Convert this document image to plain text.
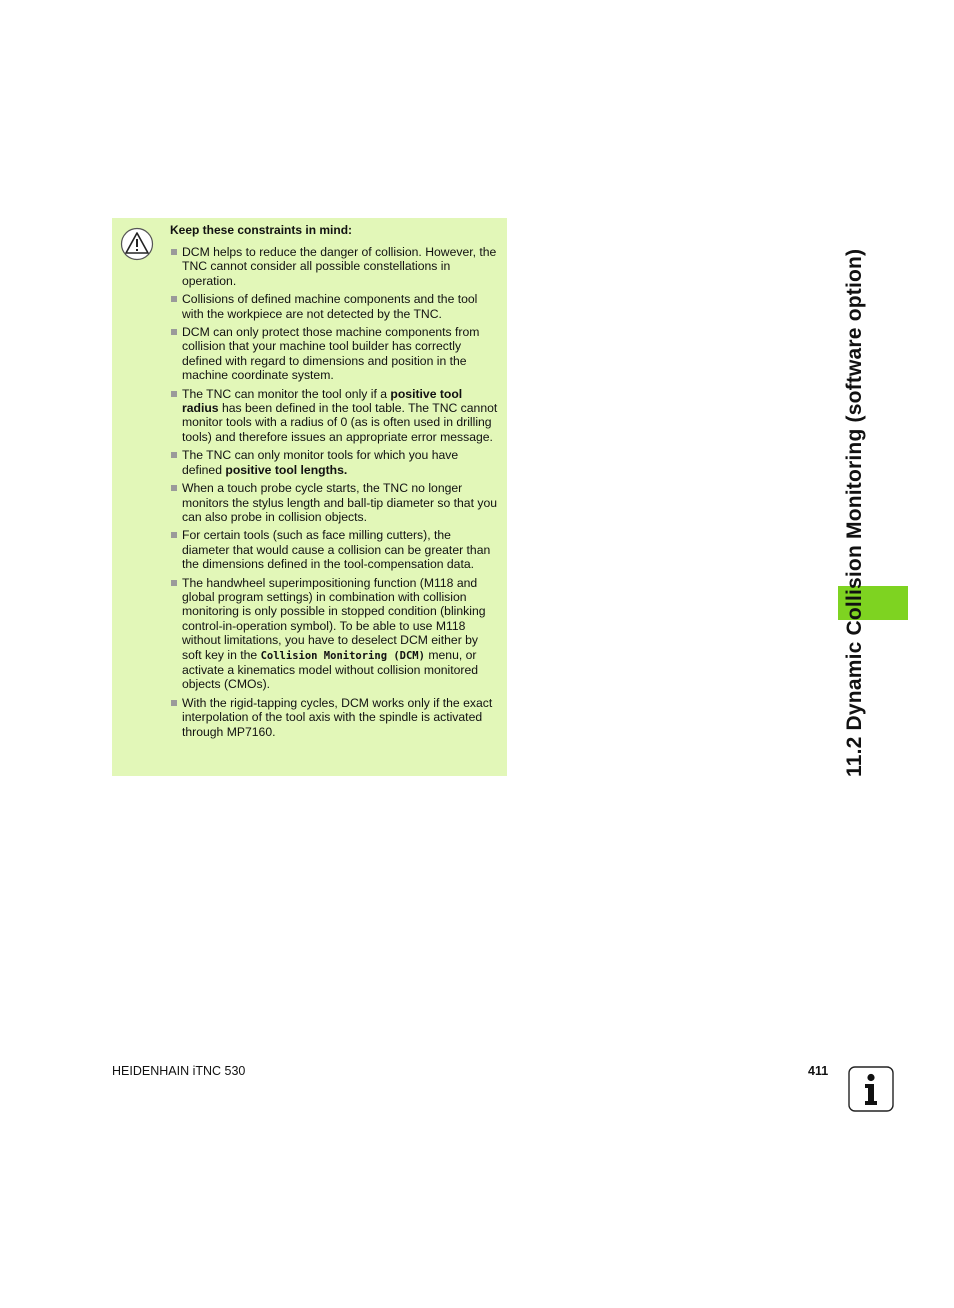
Keep these constraints in mind:
DCM helps to reduce the danger of collision. However, the TNC cannot consider all possible constellations in operation.
Collisions of defined machine components and the tool with the workpiece are not detected by the TNC.
DCM can only protect those machine components from collision that your machine tool builder has correctly defined with regard to dimensions and position in the machine coordinate system.
The TNC can monitor the tool only if a positive tool radius has been defined in the tool table. The TNC cannot monitor tools with a radius of 0 (as is often used in drilling tools) and therefore issues an appropriate error message.
The TNC can only monitor tools for which you have defined positive tool lengths.
When a touch probe cycle starts, the TNC no longer monitors the stylus length and ball-tip diameter so that you can also probe in collision objects.
For certain tools (such as face milling cutters), the diameter that would cause a collision can be greater than the dimensions defined in the tool-compensation data.
The handwheel superimpositioning function (M118 and global program settings) in combination with collision monitoring is only possible in stopped condition (blinking control-in-operation symbol). To be able to use M118 without limitations, you have to deselect DCM either by soft key in the Collision Monitoring (DCM) menu, or activate a kinematics model without collision monitored objects (CMOs).
With the rigid-tapping cycles, DCM works only if the exact interpolation of the tool axis with the spindle is activated through MP7160.	11.2 Dynamic Collision Monitoring (software option)
HEIDENHAIN iTNC 530	411
